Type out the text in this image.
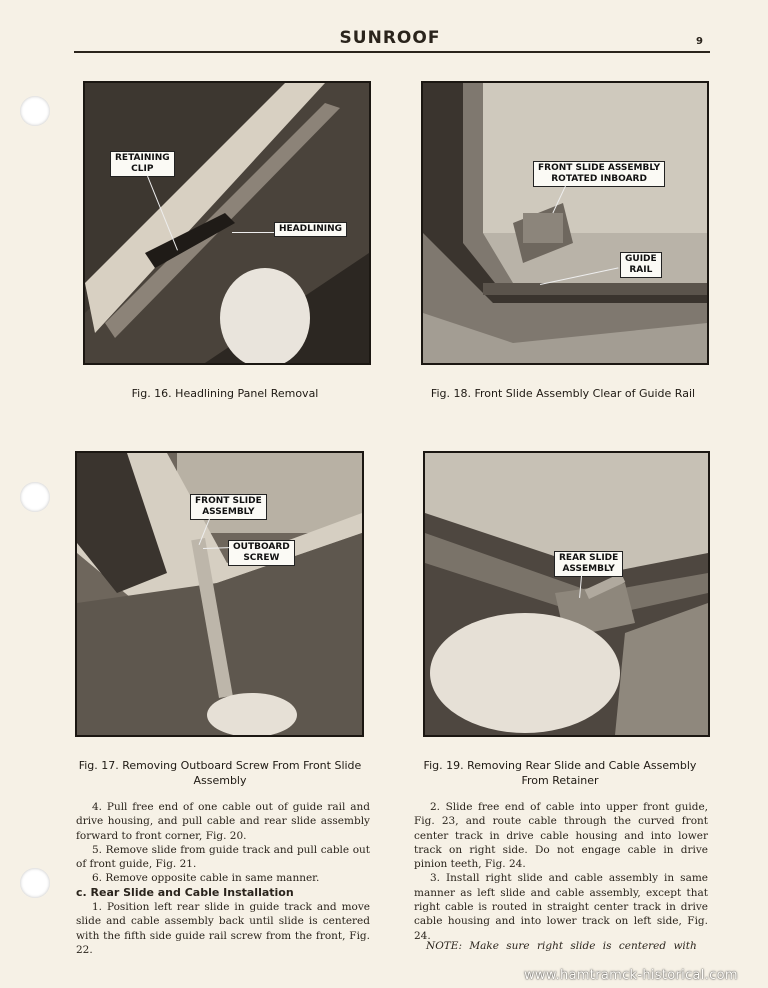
SUNROOF	9
RETAINING
CLIP
HEADLINING
Fig. 16. Headlining Panel Removal
FRONT SLIDE ASSEMBLY
ROTATED INBOARD
GUIDE
RAIL
Fig. 18. Front Slide Assembly Clear of Guide Rail
FRONT SLIDE
ASSEMBLY
OUTBOARD
SCREW
Fig. 17. Removing Outboard Screw From Front Slide
Assembly
REAR SLIDE
ASSEMBLY
Fig. 19. Removing Rear Slide and Cable Assembly
From Retainer

4. Pull free end of one cable out of guide rail and drive housing, and pull cable and rear slide assembly forward to front corner, Fig. 20.

5. Remove slide from guide track and pull cable out of front guide, Fig. 21.

6. Remove opposite cable in same manner.

c. Rear Slide and Cable Installation

1. Position left rear slide in guide track and move slide and cable assembly back until slide is centered with the fifth side guide rail screw from the front, Fig. 22.

2. Slide free end of cable into upper front guide, Fig. 23, and route cable through the curved front center track in drive cable housing and into lower track on right side. Do not engage cable in drive pinion teeth, Fig. 24.

3. Install right slide and cable assembly in same manner as left slide and cable assembly, except that right cable is routed in straight center track in drive cable housing and into lower track on left side, Fig. 24.

NOTE: Make sure right slide is centered with
www.hamtramck-historical.com
